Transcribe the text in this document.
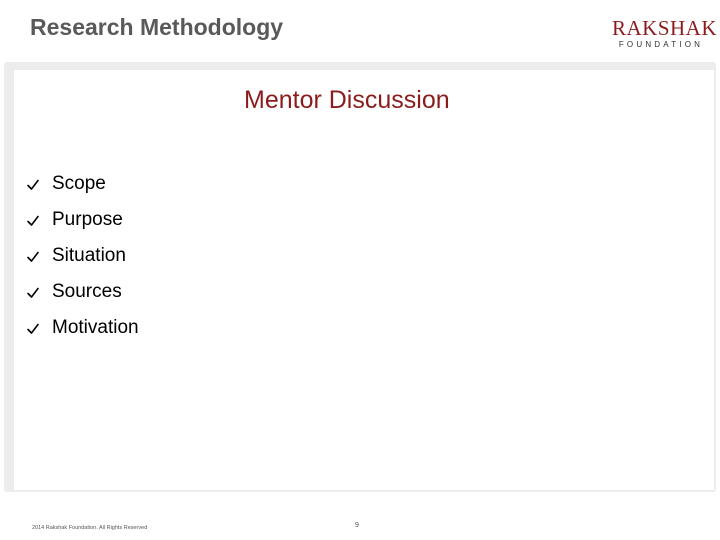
Research Methodology	RAKSHAK
FOUNDATION
Mentor Discussion
Scope
Purpose
Situation
Sources
Motivation
2014 Rakshak Foundation. All Rights Reserved	9
